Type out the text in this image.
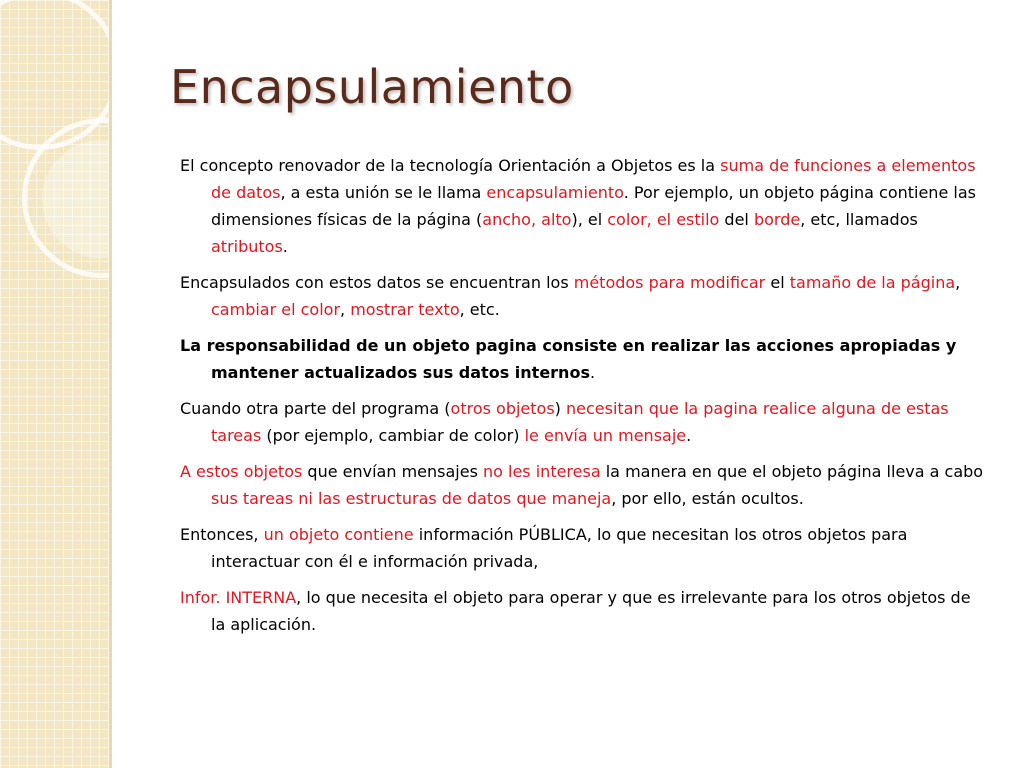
Encapsulamiento

El concepto renovador de la tecnología Orientación a Objetos es la suma de funciones a elementos de datos, a esta unión se le llama encapsulamiento. Por ejemplo, un objeto página contiene las dimensiones físicas de la página (ancho, alto), el color, el estilo del borde, etc, llamados atributos.

Encapsulados con estos datos se encuentran los métodos para modificar el tamaño de la página, cambiar el color, mostrar texto, etc.

La responsabilidad de un objeto pagina consiste en realizar las acciones apropiadas y mantener actualizados sus datos internos.

Cuando otra parte del programa (otros objetos) necesitan que la pagina realice alguna de estas tareas (por ejemplo, cambiar de color) le envía un mensaje.

A estos objetos que envían mensajes no les interesa la manera en que el objeto página lleva a cabo sus tareas ni las estructuras de datos que maneja, por ello, están ocultos.

Entonces, un objeto contiene información PÚBLICA, lo que necesitan los otros objetos para interactuar con él e información privada,

Infor. INTERNA, lo que necesita el objeto para operar y que es irrelevante para los otros objetos de la aplicación.
